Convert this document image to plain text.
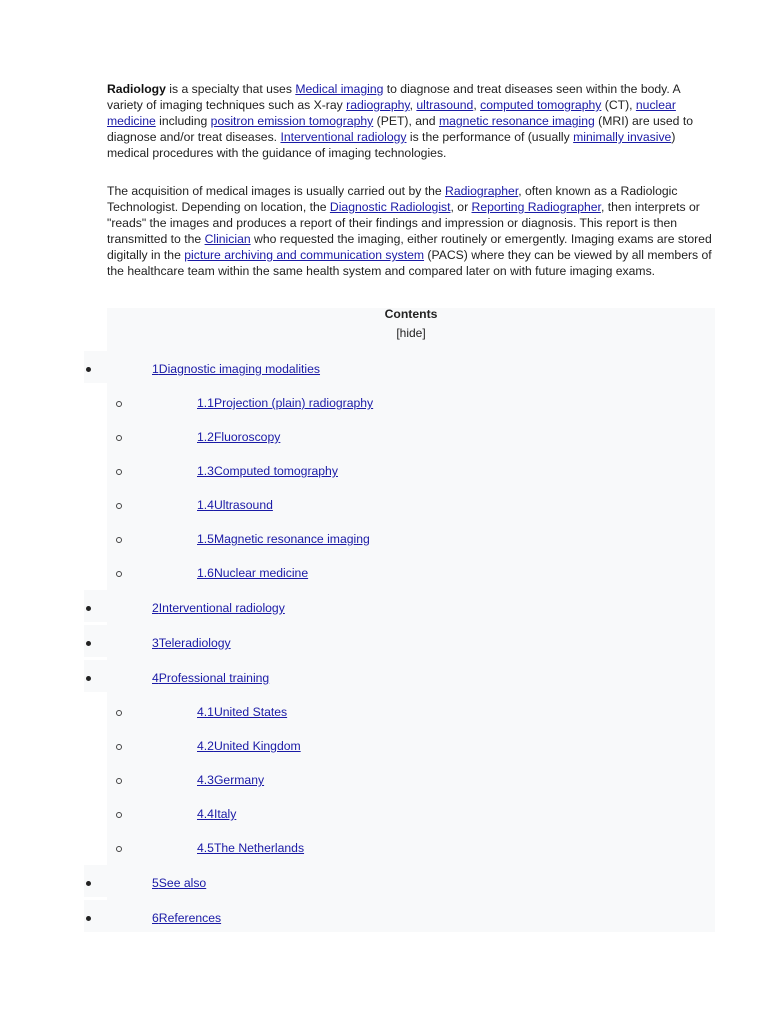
Radiology is a specialty that uses Medical imaging to diagnose and treat diseases seen within the body. A variety of imaging techniques such as X-ray radiography, ultrasound, computed tomography (CT), nuclear medicine including positron emission tomography (PET), and magnetic resonance imaging (MRI) are used to diagnose and/or treat diseases. Interventional radiology is the performance of (usually minimally invasive) medical procedures with the guidance of imaging technologies.

The acquisition of medical images is usually carried out by the Radiographer, often known as a Radiologic Technologist. Depending on location, the Diagnostic Radiologist, or Reporting Radiographer, then interprets or "reads" the images and produces a report of their findings and impression or diagnosis. This report is then transmitted to the Clinician who requested the imaging, either routinely or emergently. Imaging exams are stored digitally in the picture archiving and communication system (PACS) where they can be viewed by all members of the healthcare team within the same health system and compared later on with future imaging exams.

Contents
[hide]
1Diagnostic imaging modalities
1.1Projection (plain) radiography
1.2Fluoroscopy
1.3Computed tomography
1.4Ultrasound
1.5Magnetic resonance imaging
1.6Nuclear medicine
2Interventional radiology
3Teleradiology
4Professional training
4.1United States
4.2United Kingdom
4.3Germany
4.4Italy
4.5The Netherlands
5See also
6References
